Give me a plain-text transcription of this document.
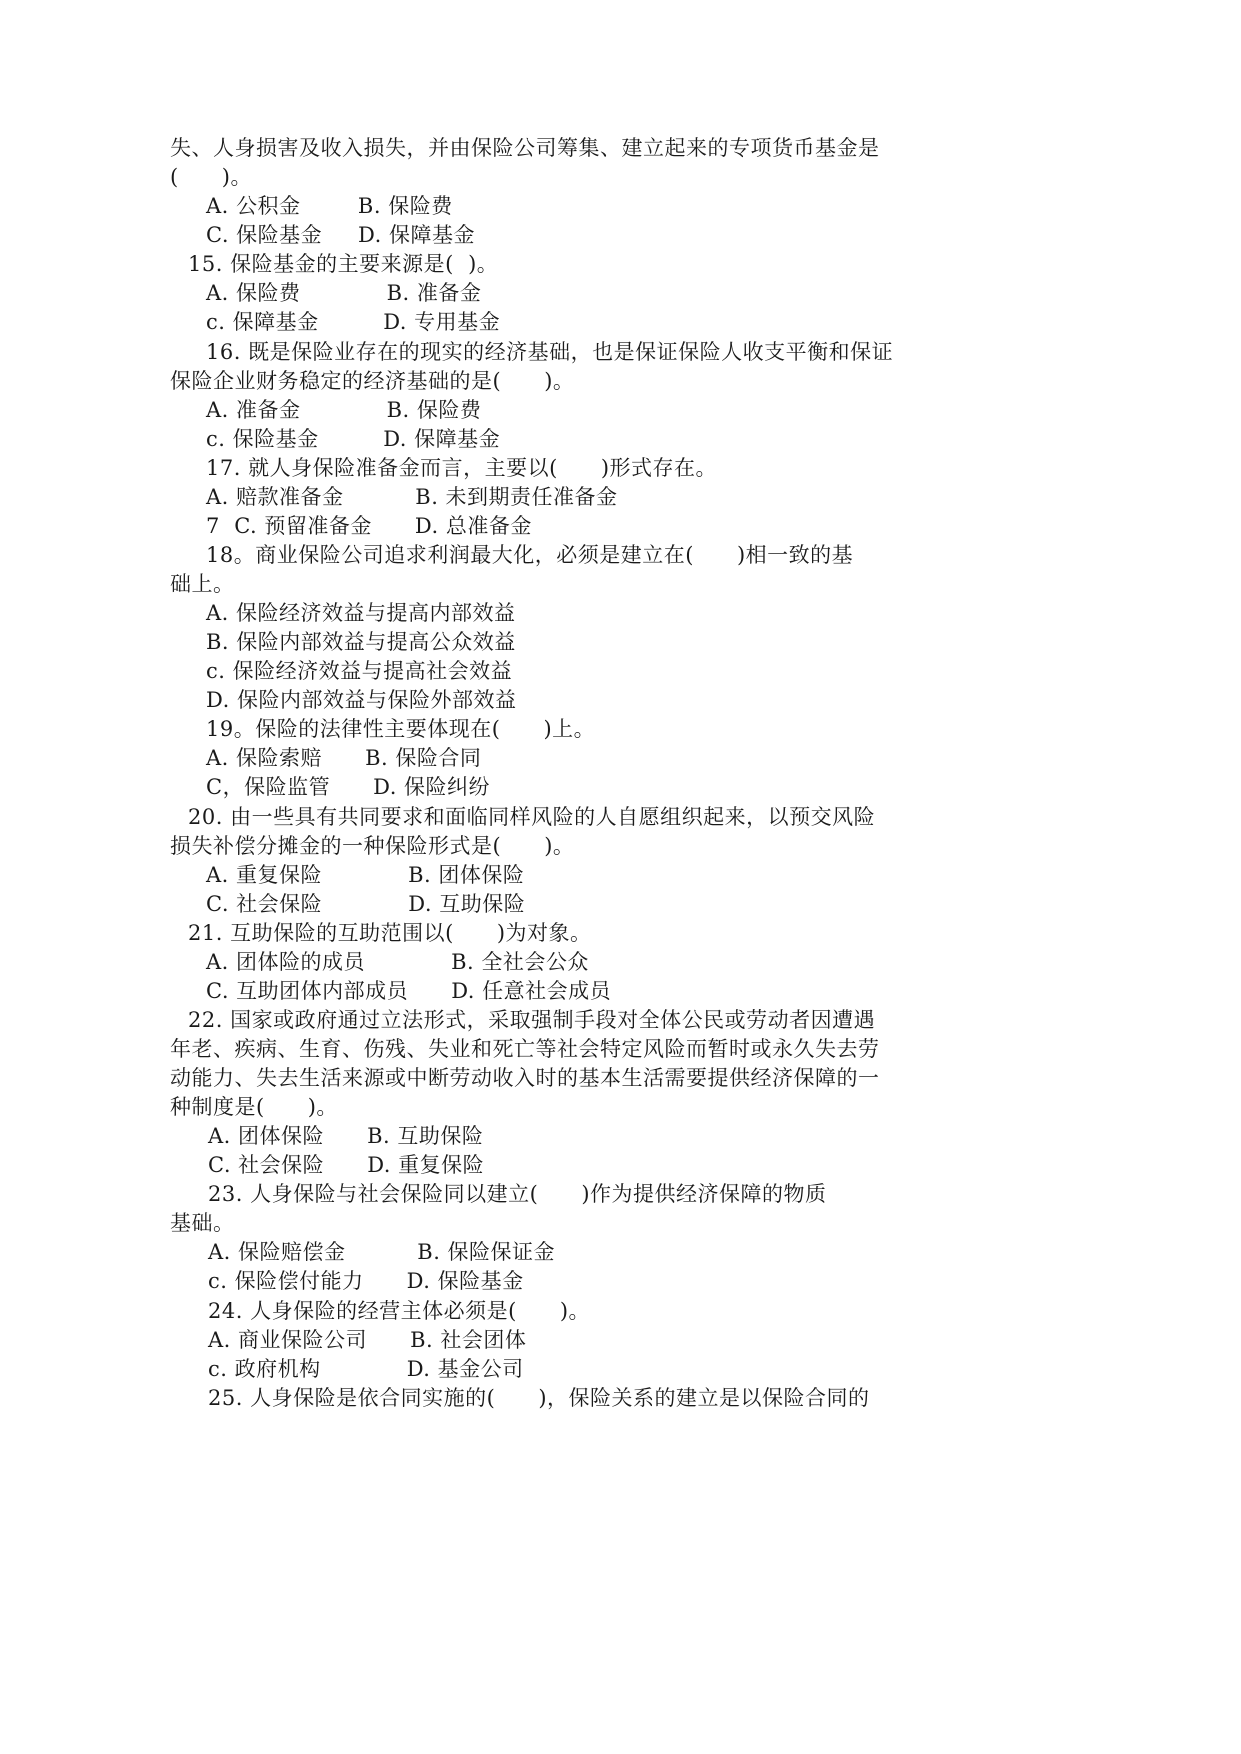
失、人身损害及收入损失，并由保险公司筹集、建立起来的专项货币基金是
(      )。
A. 公积金        B. 保险费
C. 保险基金     D. 保障基金
15. 保险基金的主要来源是(  )。
A. 保险费            B. 准备金
c. 保障基金         D. 专用基金
16. 既是保险业存在的现实的经济基础，也是保证保险人收支平衡和保证
保险企业财务稳定的经济基础的是(      )。
A. 准备金            B. 保险费
c. 保险基金         D. 保障基金
17. 就人身保险准备金而言，主要以(      )形式存在。
A. 赔款准备金          B. 未到期责任准备金
7  C. 预留准备金      D. 总准备金
18。商业保险公司追求利润最大化，必须是建立在(      )相一致的基
础上。
A. 保险经济效益与提高内部效益
B. 保险内部效益与提高公众效益
c. 保险经济效益与提高社会效益
D. 保险内部效益与保险外部效益
19。保险的法律性主要体现在(      )上。
A. 保险索赔      B. 保险合同
C，保险监管      D. 保险纠纷
20. 由一些具有共同要求和面临同样风险的人自愿组织起来，以预交风险
损失补偿分摊金的一种保险形式是(      )。
A. 重复保险            B. 团体保险
C. 社会保险            D. 互助保险
21. 互助保险的互助范围以(      )为对象。
A. 团体险的成员            B. 全社会公众
C. 互助团体内部成员      D. 任意社会成员
22. 国家或政府通过立法形式，采取强制手段对全体公民或劳动者因遭遇
年老、疾病、生育、伤残、失业和死亡等社会特定风险而暂时或永久失去劳
动能力、失去生活来源或中断劳动收入时的基本生活需要提供经济保障的一
种制度是(      )。
A. 团体保险      B. 互助保险
C. 社会保险      D. 重复保险
23. 人身保险与社会保险同以建立(      )作为提供经济保障的物质
基础。
A. 保险赔偿金          B. 保险保证金
c. 保险偿付能力      D. 保险基金
24. 人身保险的经营主体必须是(      )。
A. 商业保险公司      B. 社会团体
c. 政府机构            D. 基金公司
25. 人身保险是依合同实施的(      )，保险关系的建立是以保险合同的
